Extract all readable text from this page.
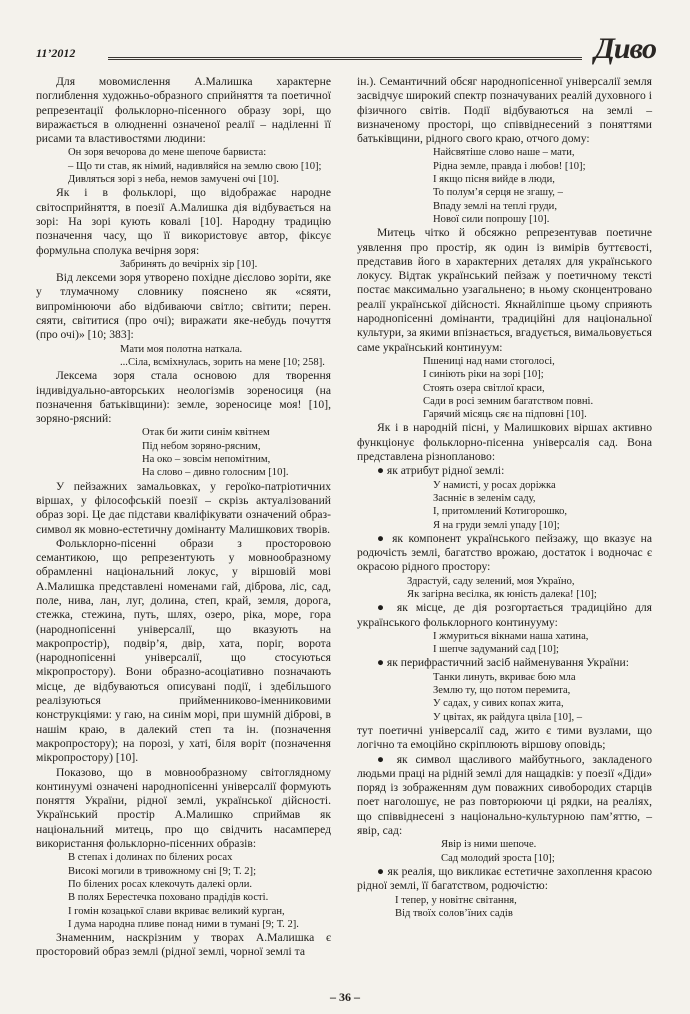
11’2012	Дивo

Для мовомислення А.Малишка характерне поглиблення художньо-образного сприйняття та поетичної репрезентації фольклорно-пісенного образу зорі, що виражається в олюдненні означеної реалії – наділенні її рисами та властивостями людини:

Он зоря вечорова до мене шепоче барвиста:

– Що ти став, як німий, надивляйся на землю свою [10];

Дивляться зорі з неба, немов замучені очі [10].

Як і в фольклорі, що відображає народне світосприйняття, в поезії А.Малишка дія відбувається на зорі: На зорі кують ковалі [10]. Народну традицію позначення часу, що її використовує автор, фіксує формульна сполука вечірня зоря:

Забринять до вечірніх зір [10].

Від лексеми зоря утворено похідне дієслово зоріти, яке у тлумачному словнику пояснено як «сяяти, випромінюючи або відбиваючи світло; світити; перен. сяяти, світитися (про очі); виражати яке-небудь почуття (про очі)» [10; 383]:

Мати моя полотна наткала.

...Сіла, всміхнулась, зорить на мене [10; 258].

Лексема зоря стала основою для творення індивідуально-авторських неологізмів зореносиця (на позначення батьківщини): земле, зореносице моя! [10], зоряно-рясний:

Отак би жити синім квітнем

Під небом зоряно-рясним,

На око – зовсім непомітним,

На слово – дивно голосним [10].

У пейзажних замальовках, у героїко-патріотичних віршах, у філософській поезії – скрізь актуалізований образ зорі. Це дає підстави кваліфікувати означений образ-символ як мовно-естетичну домінанту Малишкових творів.

Фольклорно-пісенні образи з просторовою семантикою, що репрезентують у мовнообразному обрамленні національний локус, у віршовій мові А.Малишка представлені номенами гай, діброва, ліс, сад, поле, нива, лан, луг, долина, степ, край, земля, дорога, стежка, стежина, путь, шлях, озеро, ріка, море, гора (народнопісенні універсалії, що вказують на макропростір), подвір’я, двір, хата, поріг, ворота (народнопісенні універсалії, що стосуються мікропростору). Вони образно-асоціативно позначають місце, де відбуваються описувані події, і здебільшого реалізуються прийменниково-іменниковими конструкціями: у гаю, на синім морі, при шумній діброві, в нашім краю, в далекий степ та ін. (позначення макропростору); на порозі, у хаті, біля воріт (позначення мікропростору) [10].

Показово, що в мовнообразному світоглядному континуумі означені народнопісенні універсалії формують поняття України, рідної землі, української дійсності. Український простір А.Малишко сприймав як національний митець, про що свідчить насамперед використання фольклорно-пісенних образів:

В степах і долинах по білених росах

Високі могили в тривожному сні [9; Т. 2];

По білених росах клекочуть далекі орли.

В полях Берестечка поховано прадідів кості.

І гомін козацької слави вкриває великий курган,

І дума народна пливе понад ними в тумані [9; Т. 2].

Знаменним, наскрізним у творах А.Малишка є просторовий образ землі (рідної землі, чорної землі та

ін.). Семантичний обсяг народнопісенної універсалії земля засвідчує широкий спектр позначуваних реалій духовного і фізичного світів. Події відбуваються на землі – визначеному просторі, що співвіднесений з поняттями батьківщини, рідного свого краю, отчого дому:

Найсвятіше слово наше – мати,

Рідна земле, правда і любов! [10];

І якщо пісня вийде в люди,

То полум’я серця не згашу, –

Впаду землі на теплі груди,

Нової сили попрошу [10].

Митець чітко й обсяжно репрезентував поетичне уявлення про простір, як один із вимірів буттєвості, представив його в характерних деталях для українського локусу. Відтак український пейзаж у поетичному тексті постає максимально узагальнено; в ньому сконцентровано реалії української дійсності. Якнайліпше цьому сприяють народнопісенні домінанти, традиційні для національної культури, за якими впізнається, вгадується, вимальовується саме український континуум:

Пшениці над нами стоголосі,

І синіють ріки на зорі [10];

Стоять озера світлої краси,

Сади в росі земним багатством повні.

Гарячий місяць сяє на підповні [10].

Як і в народній пісні, у Малишкових віршах активно функціонує фольклорно-пісенна універсалія сад. Вона представлена різнопланово:

● як атрибут рідної землі:

У намисті, у росах доріжка

Заснніє в зеленім саду,

І, притомлений Котигорошко,

Я на груди землі упаду [10];

● як компонент українського пейзажу, що вказує на родючість землі, багатство врожаю, достаток і водночас є окрасою рідного простору:

Здрастуй, саду зелений, моя Україно,

Як загірна весілка, як юність далека! [10];

● як місце, де дія розгортається традиційно для українського фольклорного континууму:

І жмуриться вікнами наша хатина,

І шепче задуманий сад [10];

● як перифрастичний засіб найменування України:

Танки линуть, вкриває бою мла

Землю ту, що потом перемита,

У садах, у сивих копах жита,

У цвітах, як райдуга цвіла [10], –

тут поетичні універсалії сад, жито є тими вузлами, що логічно та емоційно скріплюють віршову оповідь;

● як символ щасливого майбутнього, закладеного людьми праці на рідній землі для нащадків: у поезії «Діди» поряд із зображенням дум поважних сивобородих старців поет наголошує, не раз повторюючи ці рядки, на реаліях, що співвіднесені з національно-культурною пам’яттю, – явір, сад:

Явір із ними шепоче.

Сад молодий зроста [10];

● як реалія, що викликає естетичне захоплення красою рідної землі, її багатством, родючістю:

І тепер, у новітнє світання,

Від твоїх солов’їних садів

– 36 –
